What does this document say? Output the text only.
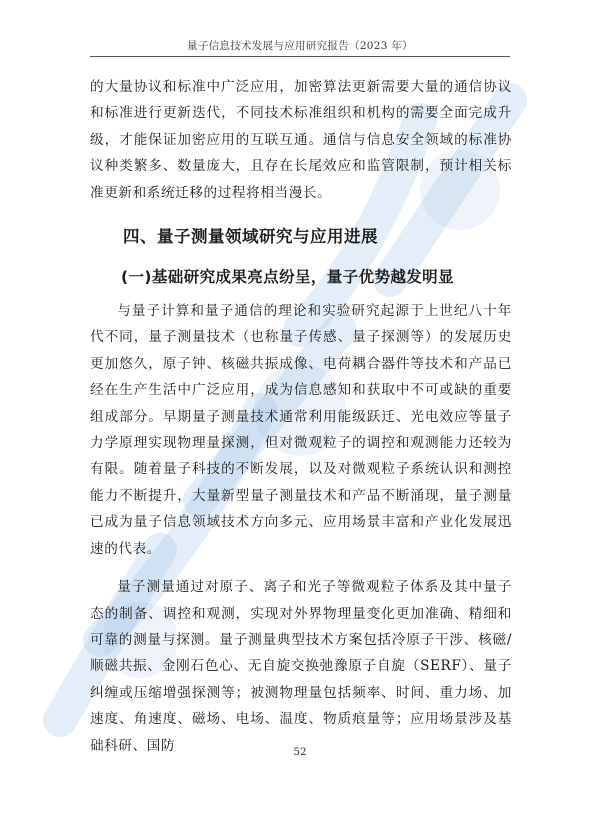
量子信息技术发展与应用研究报告（2023 年）

的大量协议和标准中广泛应用，加密算法更新需要大量的通信协议和标准进行更新迭代，不同技术标准组织和机构的需要全面完成升级，才能保证加密应用的互联互通。通信与信息安全领域的标准协议种类繁多、数量庞大，且存在长尾效应和监管限制，预计相关标准更新和系统迁移的过程将相当漫长。

四、量子测量领域研究与应用进展
(一)基础研究成果亮点纷呈，量子优势越发明显

与量子计算和量子通信的理论和实验研究起源于上世纪八十年代不同，量子测量技术（也称量子传感、量子探测等）的发展历史更加悠久，原子钟、核磁共振成像、电荷耦合器件等技术和产品已经在生产生活中广泛应用，成为信息感知和获取中不可或缺的重要组成部分。早期量子测量技术通常利用能级跃迁、光电效应等量子力学原理实现物理量探测，但对微观粒子的调控和观测能力还较为有限。随着量子科技的不断发展，以及对微观粒子系统认识和测控能力不断提升，大量新型量子测量技术和产品不断涌现，量子测量已成为量子信息领域技术方向多元、应用场景丰富和产业化发展迅速的代表。

量子测量通过对原子、离子和光子等微观粒子体系及其中量子态的制备、调控和观测，实现对外界物理量变化更加准确、精细和可靠的测量与探测。量子测量典型技术方案包括冷原子干涉、核磁/顺磁共振、金刚石色心、无自旋交换弛豫原子自旋（SERF）、量子纠缠或压缩增强探测等；被测物理量包括频率、时间、重力场、加速度、角速度、磁场、电场、温度、物质痕量等；应用场景涉及基础科研、国防	52
